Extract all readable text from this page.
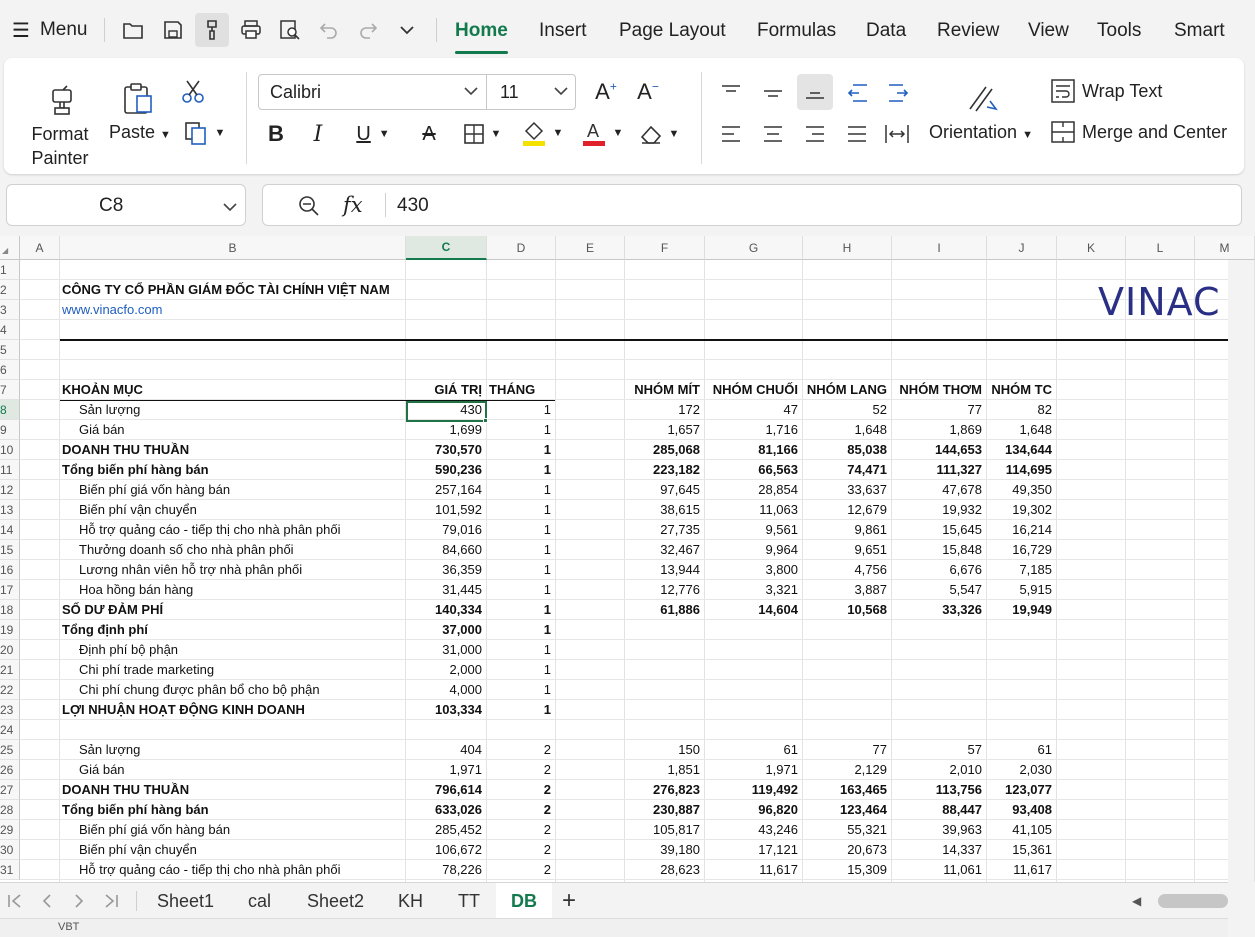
☰ Menu	Home Insert Page Layout Formulas Data Review View Tools Smart
Format
Painter
Paste ▼	▼ B I U ▼ A	▼	▼ A ▼	▼	Orientation ▼
Wrap Text
Merge and Center
Calibri	11	A+ A−
C8	fx 430
◢	A	B	C	D	E	F	G	H	I	J	K	L	M
1
2
3
4
5
6
7
8
9
10
11
12
13
14
15
16
17
18
19
20
21
22
23
24
25
26
27
28
29
30
31
CÔNG TY CỔ PHẦN GIÁM ĐỐC TÀI CHÍNH VIỆT NAM
www.vinacfo.com
KHOẢN MỤC	GIÁ TRỊ THÁNG	NHÓM MÍT NHÓM CHUỐI NHÓM LANG NHÓM THƠM NHÓM TC
Sản lượng	430	1	172	47	52	77	82
Giá bán	1,699	1	1,657	1,716	1,648	1,869	1,648
DOANH THU THUẦN	730,570	1	285,068	81,166	85,038	144,653	134,644
Tổng biến phí hàng bán	590,236	1	223,182	66,563	74,471	111,327	114,695
Biến phí giá vốn hàng bán	257,164	1	97,645	28,854	33,637	47,678	49,350
Biến phí vận chuyển	101,592	1	38,615	11,063	12,679	19,932	19,302
Hỗ trợ quảng cáo - tiếp thị cho nhà phân phối	79,016	1	27,735	9,561	9,861	15,645	16,214
Thưởng doanh số cho nhà phân phối	84,660	1	32,467	9,964	9,651	15,848	16,729
Lương nhân viên hỗ trợ nhà phân phối	36,359	1	13,944	3,800	4,756	6,676	7,185
Hoa hồng bán hàng	31,445	1	12,776	3,321	3,887	5,547	5,915
SỐ DƯ ĐẢM PHÍ	140,334	1	61,886	14,604	10,568	33,326	19,949
Tổng định phí	37,000	1
Định phí bộ phận	31,000	1
Chi phí trade marketing	2,000	1
Chi phí chung được phân bổ cho bộ phận	4,000	1
LỢI NHUẬN HOẠT ĐỘNG KINH DOANH	103,334	1
Sản lượng	404	2	150	61	77	57	61
Giá bán	1,971	2	1,851	1,971	2,129	2,010	2,030
DOANH THU THUẦN	796,614	2	276,823	119,492	163,465	113,756	123,077
Tổng biến phí hàng bán	633,026	2	230,887	96,820	123,464	88,447	93,408
Biến phí giá vốn hàng bán	285,452	2	105,817	43,246	55,321	39,963	41,105
Biến phí vận chuyển	106,672	2	39,180	17,121	20,673	14,337	15,361
Hỗ trợ quảng cáo - tiếp thị cho nhà phân phối	78,226	2	28,623	11,617	15,309	11,061	11,617
VINAC
Sheet1 cal Sheet2 KH TT	DB	+	◀
VBT
